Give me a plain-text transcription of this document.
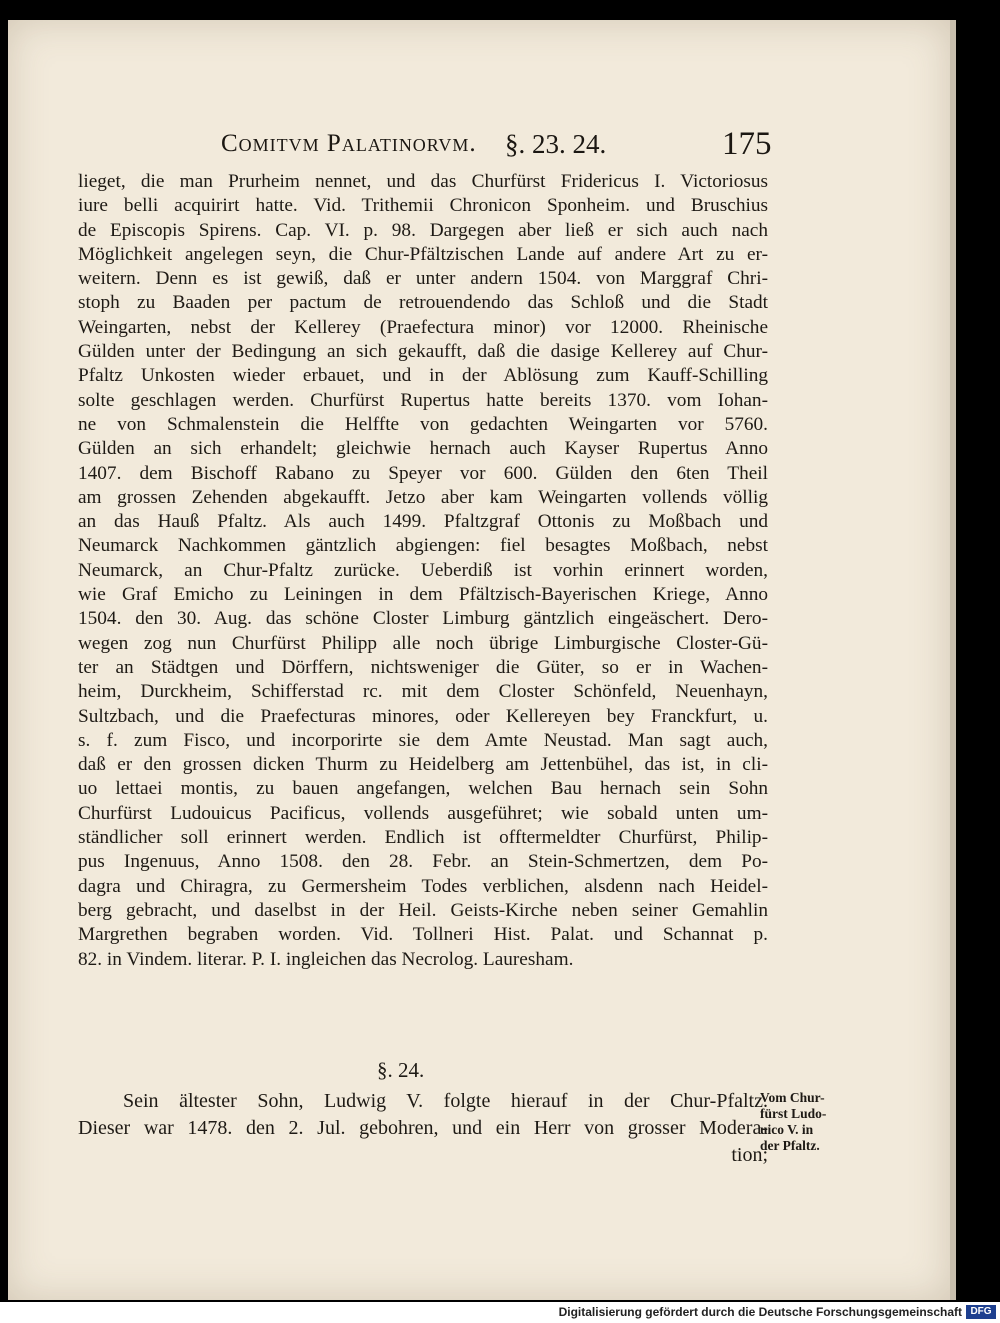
Comitvm Palatinorvm. §. 23. 24.	175
lieget, die man Prurheim nennet, und das Churfürst Fridericus I. Victoriosus
iure belli acquirirt hatte. Vid. Trithemii Chronicon Sponheim. und Bruschius
de Episcopis Spirens. Cap. VI. p. 98. Dargegen aber ließ er sich auch nach
Möglichkeit angelegen seyn, die Chur-Pfältzischen Lande auf andere Art zu er-
weitern. Denn es ist gewiß, daß er unter andern 1504. von Marggraf Chri-
stoph zu Baaden per pactum de retrouendendo das Schloß und die Stadt
Weingarten, nebst der Kellerey (Praefectura minor) vor 12000. Rheinische
Gülden unter der Bedingung an sich gekaufft, daß die dasige Kellerey auf Chur-
Pfaltz Unkosten wieder erbauet, und in der Ablösung zum Kauff-Schilling
solte geschlagen werden. Churfürst Rupertus hatte bereits 1370. vom Iohan-
ne von Schmalenstein die Helffte von gedachten Weingarten vor 5760.
Gülden an sich erhandelt; gleichwie hernach auch Kayser Rupertus Anno
1407. dem Bischoff Rabano zu Speyer vor 600. Gülden den 6ten Theil
am grossen Zehenden abgekaufft. Jetzo aber kam Weingarten vollends völlig
an das Hauß Pfaltz. Als auch 1499. Pfaltzgraf Ottonis zu Moßbach und
Neumarck Nachkommen gäntzlich abgiengen: fiel besagtes Moßbach, nebst
Neumarck, an Chur-Pfaltz zurücke. Ueberdiß ist vorhin erinnert worden,
wie Graf Emicho zu Leiningen in dem Pfältzisch-Bayerischen Kriege, Anno
1504. den 30. Aug. das schöne Closter Limburg gäntzlich eingeäschert. Dero-
wegen zog nun Churfürst Philipp alle noch übrige Limburgische Closter-Gü-
ter an Städtgen und Dörffern, nichtsweniger die Güter, so er in Wachen-
heim, Durckheim, Schifferstad rc. mit dem Closter Schönfeld, Neuenhayn,
Sultzbach, und die Praefecturas minores, oder Kellereyen bey Franckfurt, u.
s. f. zum Fisco, und incorporirte sie dem Amte Neustad. Man sagt auch,
daß er den grossen dicken Thurm zu Heidelberg am Jettenbühel, das ist, in cli-
uo lettaei montis, zu bauen angefangen, welchen Bau hernach sein Sohn
Churfürst Ludouicus Pacificus, vollends ausgeführet; wie sobald unten um-
ständlicher soll erinnert werden. Endlich ist offtermeldter Churfürst, Philip-
pus Ingenuus, Anno 1508. den 28. Febr. an Stein-Schmertzen, dem Po-
dagra und Chiragra, zu Germersheim Todes verblichen, alsdenn nach Heidel-
berg gebracht, und daselbst in der Heil. Geists-Kirche neben seiner Gemahlin
Margrethen begraben worden. Vid. Tollneri Hist. Palat. und Schannat p.
82. in Vindem. literar. P. I. ingleichen das Necrolog. Lauresham.
§. 24.
Sein ältester Sohn, Ludwig V. folgte hierauf in der Chur-Pfaltz.
Dieser war 1478. den 2. Jul. gebohren, und ein Herr von grosser Modera-
tion;
Vom Chur-
fürst Ludo-
uico V. in
der Pfaltz.
Digitalisierung gefördert durch die Deutsche Forschungsgemeinschaft DFG
